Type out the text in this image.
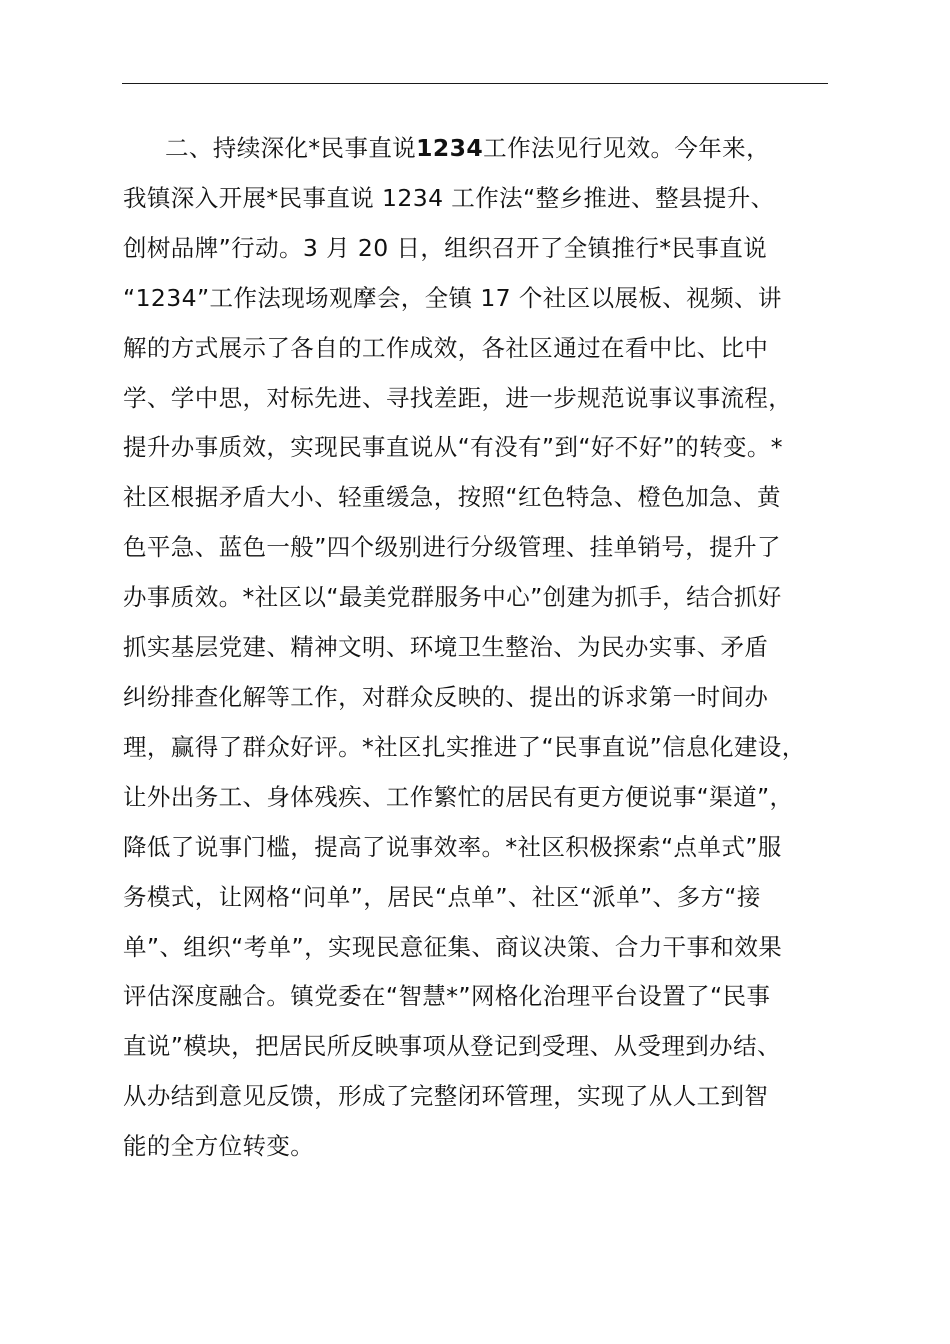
二、持续深化*民事直说1234工作法见行见效。今年来，
我镇深入开展*民事直说 1234 工作法“整乡推进、整县提升、
创树品牌”行动。3 月 20 日，组织召开了全镇推行*民事直说
“1234”工作法现场观摩会，全镇 17 个社区以展板、视频、讲
解的方式展示了各自的工作成效，各社区通过在看中比、比中
学、学中思，对标先进、寻找差距，进一步规范说事议事流程，
提升办事质效，实现民事直说从“有没有”到“好不好”的转变。*
社区根据矛盾大小、轻重缓急，按照“红色特急、橙色加急、黄
色平急、蓝色一般”四个级别进行分级管理、挂单销号，提升了
办事质效。*社区以“最美党群服务中心”创建为抓手，结合抓好
抓实基层党建、精神文明、环境卫生整治、为民办实事、矛盾
纠纷排查化解等工作，对群众反映的、提出的诉求第一时间办
理，赢得了群众好评。*社区扎实推进了“民事直说”信息化建设，
让外出务工、身体残疾、工作繁忙的居民有更方便说事“渠道”，
降低了说事门槛，提高了说事效率。*社区积极探索“点单式”服
务模式，让网格“问单”，居民“点单”、社区“派单”、多方“接
单”、组织“考单”，实现民意征集、商议决策、合力干事和效果
评估深度融合。镇党委在“智慧*”网格化治理平台设置了“民事
直说”模块，把居民所反映事项从登记到受理、从受理到办结、
从办结到意见反馈，形成了完整闭环管理，实现了从人工到智
能的全方位转变。
